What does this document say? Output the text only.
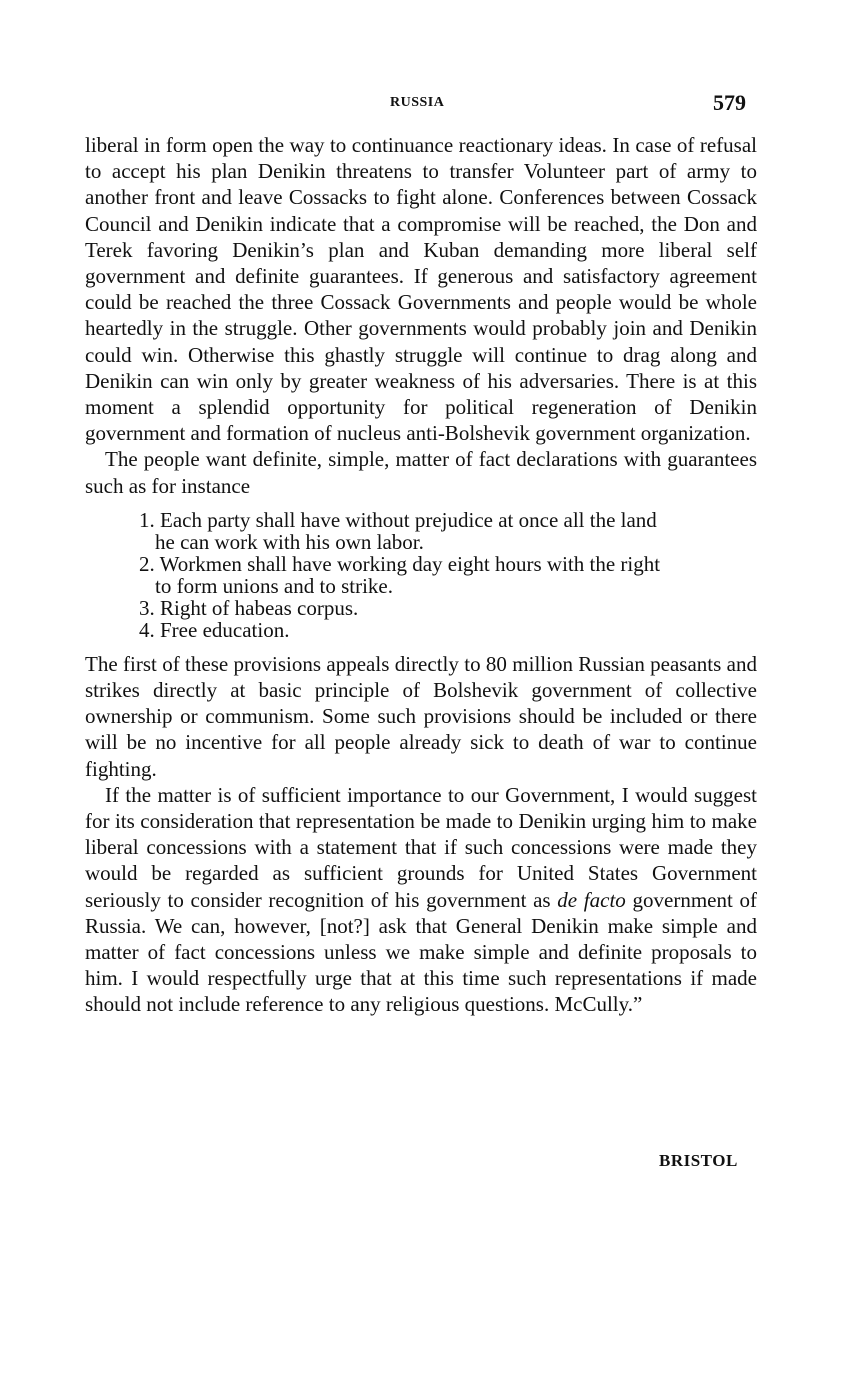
RUSSIA	579

liberal in form open the way to continuance reactionary ideas. In case of refusal to accept his plan Denikin threatens to transfer Volunteer part of army to another front and leave Cossacks to fight alone. Conferences between Cossack Council and Denikin indicate that a compromise will be reached, the Don and Terek favoring Denikin’s plan and Kuban demanding more liberal self government and definite guarantees. If generous and satisfactory agreement could be reached the three Cossack Governments and people would be whole heartedly in the struggle. Other governments would probably join and Denikin could win. Otherwise this ghastly struggle will continue to drag along and Denikin can win only by greater weakness of his adversaries. There is at this moment a splendid opportunity for political regeneration of Denikin government and formation of nucleus anti-Bolshevik government organization.

The people want definite, simple, matter of fact declarations with guarantees such as for instance

1. Each party shall have without prejudice at once all the land
he can work with his own labor.
2. Workmen shall have working day eight hours with the right
to form unions and to strike.
3. Right of habeas corpus.
4. Free education.

The first of these provisions appeals directly to 80 million Russian peasants and strikes directly at basic principle of Bolshevik government of collective ownership or communism. Some such provisions should be included or there will be no incentive for all people already sick to death of war to continue fighting.

If the matter is of sufficient importance to our Government, I would suggest for its consideration that representation be made to Denikin urging him to make liberal concessions with a statement that if such concessions were made they would be regarded as sufficient grounds for United States Government seriously to consider recognition of his government as de facto government of Russia. We can, however, [not?] ask that General Denikin make simple and matter of fact concessions unless we make simple and definite proposals to him. I would respectfully urge that at this time such representations if made should not include reference to any religious questions. McCully.”

BRISTOL
